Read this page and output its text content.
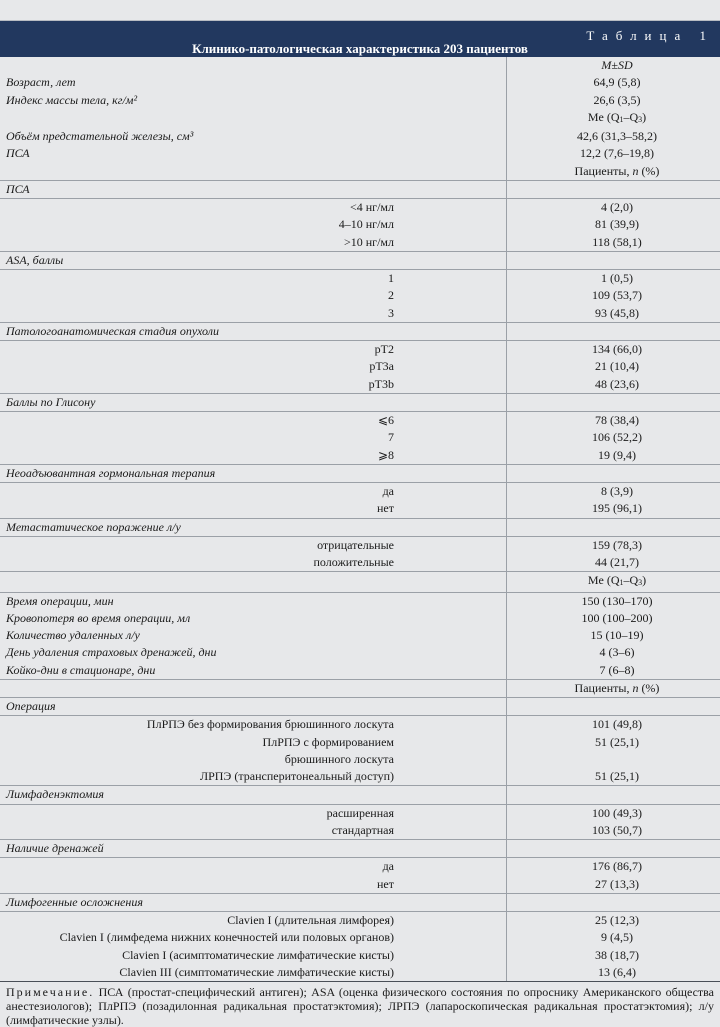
Таблица 1
Клинико-патологическая характеристика 203 пациентов
	M±SD
Возраст, лет	64,9 (5,8)
Индекс массы тела, кг/м²	26,6 (3,5)
	Me $(Q_1-Q_3)$
Объём предстательной железы, см³	42,6 (31,3–58,2)
ПСА	12,2 (7,6–19,8)
	Пациенты, n (%)
ПСА	
<4 нг/мл	4 (2,0)
4–10 нг/мл	81 (39,9)
>10 нг/мл	118 (58,1)
ASA, баллы	
1	1 (0,5)
2	109 (53,7)
3	93 (45,8)
Патологоанатомическая стадия опухоли	
pT2	134 (66,0)
pT3a	21 (10,4)
pT3b	48 (23,6)
Баллы по Глисону	
⩽6	78 (38,4)
7	106 (52,2)
⩾8	19 (9,4)
Неоадъювантная гормональная терапия	
да	8 (3,9)
нет	195 (96,1)
Метастатическое поражение л/у	
отрицательные	159 (78,3)
положительные	44 (21,7)
	Me $(Q_1-Q_3)$
Время операции, мин	150 (130–170)
Кровопотеря во время операции, мл	100 (100–200)
Количество удаленных л/у	15 (10–19)
День удаления страховых дренажей, дни	4 (3–6)
Койко-дни в стационаре, дни	7 (6–8)
	Пациенты, n (%)
Операция	
ПлРПЭ без формирования брюшинного лоскута	101 (49,8)
ПлРПЭ с формированием	51 (25,1)
брюшинного лоскута	
ЛРПЭ (трансперитонеальный доступ)	51 (25,1)
Лимфаденэктомия	
расширенная	100 (49,3)
стандартная	103 (50,7)
Наличие дренажей	
да	176 (86,7)
нет	27 (13,3)
Лимфогенные осложнения	
Clavien I (длительная лимфорея)	25 (12,3)
Clavien I (лимфедема нижних конечностей или половых органов)	9 (4,5)
Clavien I (асимптоматические лимфатические кисты)	38 (18,7)
Clavien III (симптоматические лимфатические кисты)	13 (6,4)
Примечание. ПСА (простат-специфический антиген); ASA (оценка физического состояния по опроснику Американского общества анестезиологов); ПлРПЭ (позадилонная радикальная простатэктомия); ЛРПЭ (лапароскопическая радикальная простатэктомия); л/у (лимфатические узлы).
